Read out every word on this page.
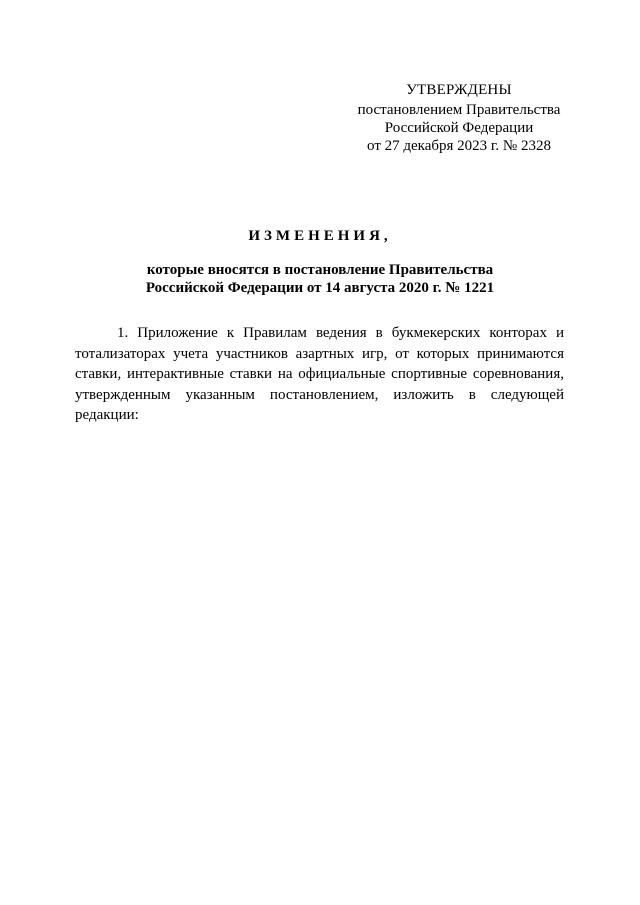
УТВЕРЖДЕНЫ
постановлением Правительства
Российской Федерации
от 27 декабря 2023 г. № 2328
ИЗМЕНЕНИЯ,
которые вносятся в постановление Правительства
Российской Федерации от 14 августа 2020 г. № 1221
1. Приложение к Правилам ведения в букмекерских конторах и тотализаторах учета участников азартных игр, от которых принимаются ставки, интерактивные ставки на официальные спортивные соревнования, утвержденным указанным постановлением, изложить в следующей редакции:
